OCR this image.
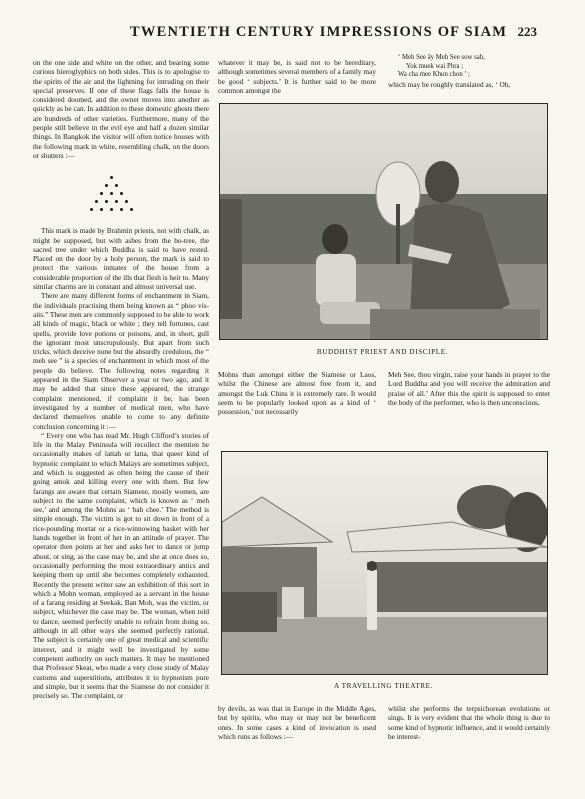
TWENTIETH CENTURY IMPRESSIONS OF SIAM 223

on the one side and white on the other, and bearing some curious hieroglyphics on both sides. This is to apologise to the spirits of the air and the lightning for intruding on their special preserves. If one of these flags falls the house is considered doomed, and the owner moves into another as quickly as he can. In addition to these domestic ghosts there are hundreds of other varieties. Furthermore, many of the people still believe in the evil eye and half a dozen similar things. In Bangkok the visitor will often notice houses with the following mark in white, resembling chalk, on the doors or shutters :—

This mark is made by Brahmin priests, not with chalk, as might be supposed, but with ashes from the bo-tree, the sacred tree under which Buddha is said to have rested. Placed on the door by a holy person, the mark is said to protect the various inmates of the house from a considerable proportion of the ills that flesh is heir to. Many similar charms are in constant and almost universal use.

There are many different forms of enchantment in Siam, the individuals practising them being known as “ phoo vis-aits.” These men are commonly supposed to be able to work all kinds of magic, black or white ; they tell fortunes, cast spells, provide love potions or poisons, and, in short, gull the ignorant most unscrupulously. But apart from such tricks, which deceive none but the absurdly credulous, the “ meh see ” is a species of enchantment in which most of the people do believe. The following notes regarding it appeared in the Siam Observer a year or two ago, and it may be added that since these appeared, the strange complaint mentioned, if complaint it be, has been investigated by a number of medical men, who have declared themselves unable to come to any definite conclusion concerning it :—

“ Every one who has read Mr. Hugh Clifford’s stories of life in the Malay Peninsula will recollect the mention he occasionally makes of lattah or latta, that queer kind of hypnotic complaint to which Malays are sometimes subject, and which is suggested as often being the cause of their going amok and killing every one with them. But few farangs are aware that certain Siamese, mostly women, are subject to the same complaint, which is known as ‘ meh see,’ and among the Mohns as ‘ bah chee.’ The method is simple enough. The victim is got to sit down in front of a rice-pounding mortar or a rice-winnowing basket with her hands together in front of her in an attitude of prayer. The operator then points at her and asks her to dance or jump about, or sing, as the case may be, and she at once does so, occasionally performing the most extraordinary antics and keeping them up until she becomes completely exhausted. Recently the present writer saw an exhibition of this sort in which a Mohn woman, employed as a servant in the house of a farang residing at Seekak, Ban Moh, was the victim, or subject, whichever the case may be. The woman, when told to dance, seemed perfectly unable to refrain from doing so, although in all other ways she seemed perfectly rational. The subject is certainly one of great medical and scientific interest, and it might well be investigated by some competent authority on such matters. It may be mentioned that Professor Skeat, who made a very close study of Malay customs and superstitions, attributes it to hypnotism pure and simple, but it seems that the Siamese do not consider it precisely so. The complaint, or

whatever it may be, is said not to be hereditary, although sometimes several members of a family may be good ‘ subjects.’ It is further said to be more common amongst the

‘ Meh See ây Meh See sow sah,
Yok muek wai Phra ;
Wa cha mee Khun chon ’ ;

which may be roughly translated as, ‘ Oh,

BUDDHIST PRIEST AND DISCIPLE.

Mohns than amongst either the Siamese or Laos, whilst the Chinese are almost free from it, and amongst the Luk Chins it is extremely rare. It would seem to be popularly looked upon as a kind of ‘ possession,’ not necessarily

Meh See, thou virgin, raise your hands in prayer to the Lord Buddha and you will receive the admiration and praise of all.’ After this the spirit is supposed to enter the body of the performer, who is then unconscious,

A TRAVELLING THEATRE.

by devils, as was that in Europe in the Middle Ages, but by spirits, who may or may not be beneficent ones. In some cases a kind of invocation is used which runs as follows :—

whilst she performs the terpsichorean evolutions or sings. It is very evident that the whole thing is due to some kind of hypnotic influence, and it would certainly be interest-
